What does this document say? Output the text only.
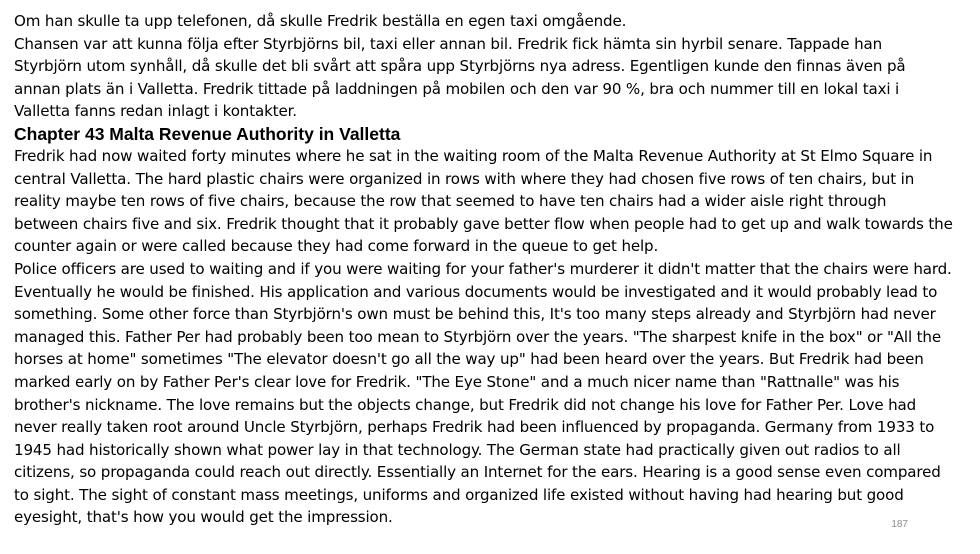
Om han skulle ta upp telefonen, då skulle Fredrik beställa en egen taxi omgående.

Chansen var att kunna följa efter Styrbjörns bil, taxi eller annan bil. Fredrik fick hämta sin hyrbil senare. Tappade han Styrbjörn utom synhåll, då skulle det bli svårt att spåra upp Styrbjörns nya adress. Egentligen kunde den finnas även på annan plats än i Valletta. Fredrik tittade på laddningen på mobilen och den var 90 %, bra och nummer till en lokal taxi i Valletta fanns redan inlagt i kontakter.

Chapter 43 Malta Revenue Authority in Valletta

Fredrik had now waited forty minutes where he sat in the waiting room of the Malta Revenue Authority at St Elmo Square in central Valletta. The hard plastic chairs were organized in rows with where they had chosen five rows of ten chairs, but in reality maybe ten rows of five chairs, because the row that seemed to have ten chairs had a wider aisle right through between chairs five and six. Fredrik thought that it probably gave better flow when people had to get up and walk towards the counter again or were called because they had come forward in the queue to get help.

Police officers are used to waiting and if you were waiting for your father's murderer it didn't matter that the chairs were hard. Eventually he would be finished. His application and various documents would be investigated and it would probably lead to something. Some other force than Styrbjörn's own must be behind this, It's too many steps already and Styrbjörn had never managed this. Father Per had probably been too mean to Styrbjörn over the years. "The sharpest knife in the box" or "All the horses at home" sometimes "The elevator doesn't go all the way up" had been heard over the years. But Fredrik had been marked early on by Father Per's clear love for Fredrik. "The Eye Stone" and a much nicer name than "Rattnalle" was his brother's nickname. The love remains but the objects change, but Fredrik did not change his love for Father Per. Love had never really taken root around Uncle Styrbjörn, perhaps Fredrik had been influenced by propaganda. Germany from 1933 to 1945 had historically shown what power lay in that technology. The German state had practically given out radios to all citizens, so propaganda could reach out directly. Essentially an Internet for the ears. Hearing is a good sense even compared to sight. The sight of constant mass meetings, uniforms and organized life existed without having had hearing but good eyesight, that's how you would get the impression.	187
